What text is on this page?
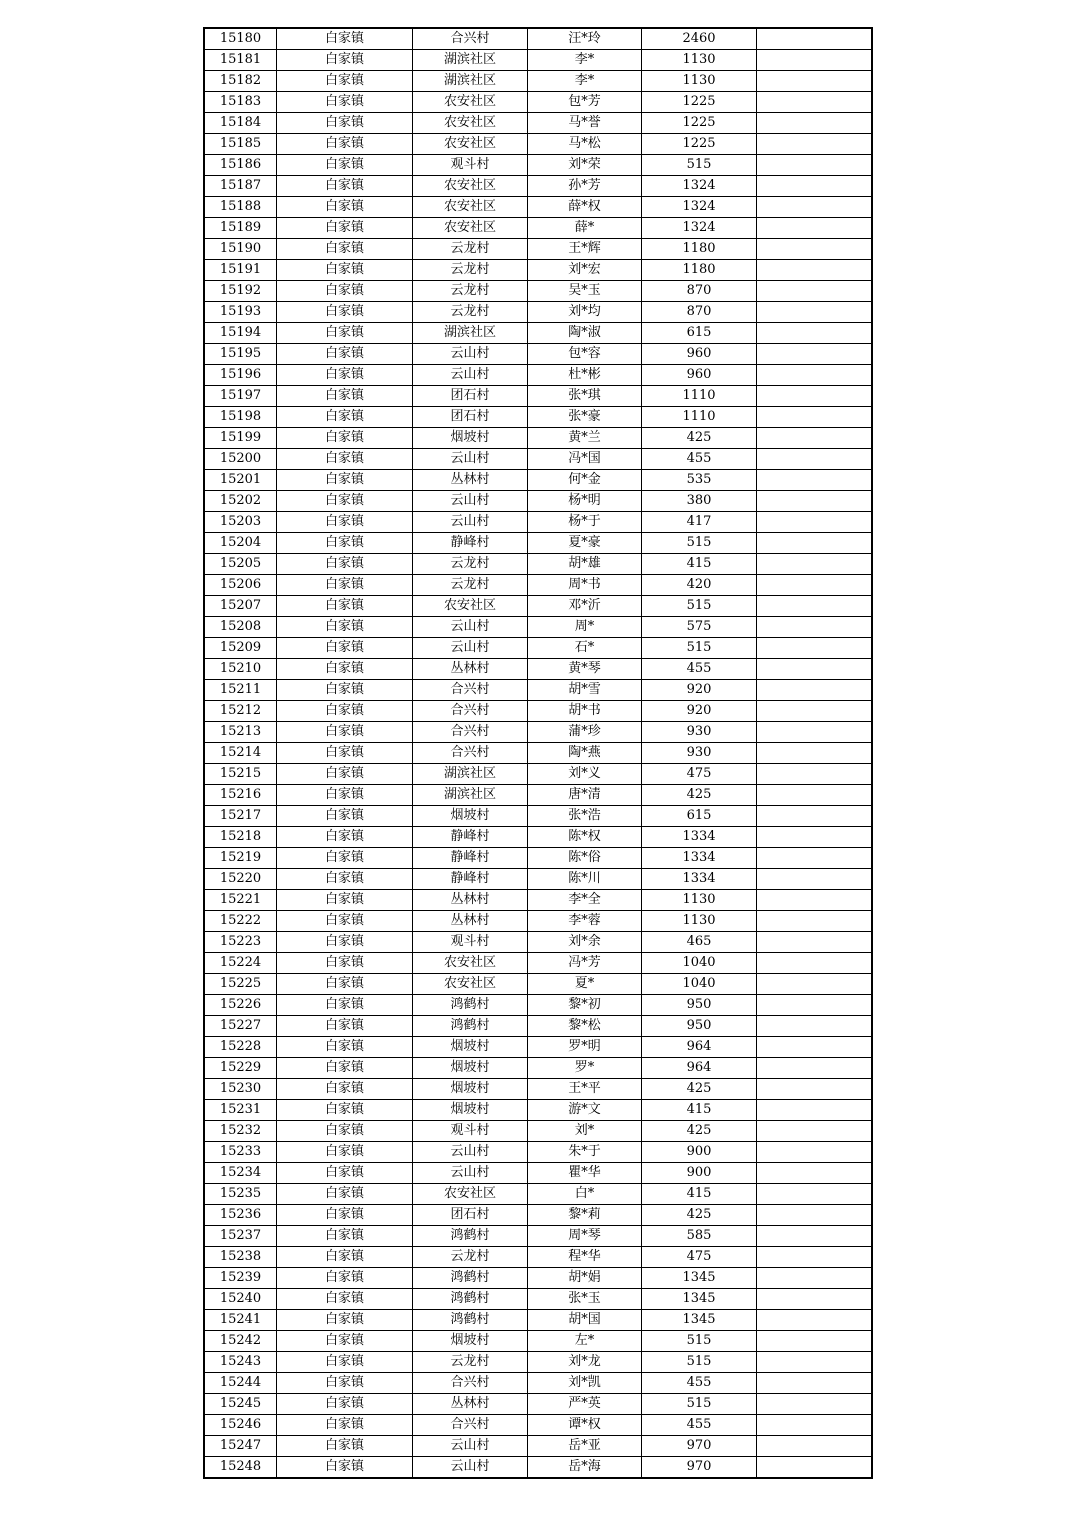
15180	白家镇	合兴村	汪*玲	2460	
15181	白家镇	湖滨社区	李*	1130	
15182	白家镇	湖滨社区	李*	1130	
15183	白家镇	农安社区	包*芳	1225	
15184	白家镇	农安社区	马*誉	1225	
15185	白家镇	农安社区	马*松	1225	
15186	白家镇	观斗村	刘*荣	515	
15187	白家镇	农安社区	孙*芳	1324	
15188	白家镇	农安社区	薛*权	1324	
15189	白家镇	农安社区	薛*	1324	
15190	白家镇	云龙村	王*辉	1180	
15191	白家镇	云龙村	刘*宏	1180	
15192	白家镇	云龙村	吴*玉	870	
15193	白家镇	云龙村	刘*均	870	
15194	白家镇	湖滨社区	陶*淑	615	
15195	白家镇	云山村	包*容	960	
15196	白家镇	云山村	杜*彬	960	
15197	白家镇	团石村	张*琪	1110	
15198	白家镇	团石村	张*豪	1110	
15199	白家镇	烟坡村	黄*兰	425	
15200	白家镇	云山村	冯*国	455	
15201	白家镇	丛林村	何*金	535	
15202	白家镇	云山村	杨*明	380	
15203	白家镇	云山村	杨*于	417	
15204	白家镇	静峰村	夏*豪	515	
15205	白家镇	云龙村	胡*雄	415	
15206	白家镇	云龙村	周*书	420	
15207	白家镇	农安社区	邓*沂	515	
15208	白家镇	云山村	周*	575	
15209	白家镇	云山村	石*	515	
15210	白家镇	丛林村	黄*琴	455	
15211	白家镇	合兴村	胡*雪	920	
15212	白家镇	合兴村	胡*书	920	
15213	白家镇	合兴村	蒲*珍	930	
15214	白家镇	合兴村	陶*燕	930	
15215	白家镇	湖滨社区	刘*义	475	
15216	白家镇	湖滨社区	唐*清	425	
15217	白家镇	烟坡村	张*浩	615	
15218	白家镇	静峰村	陈*权	1334	
15219	白家镇	静峰村	陈*俗	1334	
15220	白家镇	静峰村	陈*川	1334	
15221	白家镇	丛林村	李*全	1130	
15222	白家镇	丛林村	李*蓉	1130	
15223	白家镇	观斗村	刘*余	465	
15224	白家镇	农安社区	冯*芳	1040	
15225	白家镇	农安社区	夏*	1040	
15226	白家镇	鸿鹤村	黎*初	950	
15227	白家镇	鸿鹤村	黎*松	950	
15228	白家镇	烟坡村	罗*明	964	
15229	白家镇	烟坡村	罗*	964	
15230	白家镇	烟坡村	王*平	425	
15231	白家镇	烟坡村	游*文	415	
15232	白家镇	观斗村	刘*	425	
15233	白家镇	云山村	朱*于	900	
15234	白家镇	云山村	瞿*华	900	
15235	白家镇	农安社区	白*	415	
15236	白家镇	团石村	黎*莉	425	
15237	白家镇	鸿鹤村	周*琴	585	
15238	白家镇	云龙村	程*华	475	
15239	白家镇	鸿鹤村	胡*娟	1345	
15240	白家镇	鸿鹤村	张*玉	1345	
15241	白家镇	鸿鹤村	胡*国	1345	
15242	白家镇	烟坡村	左*	515	
15243	白家镇	云龙村	刘*龙	515	
15244	白家镇	合兴村	刘*凯	455	
15245	白家镇	丛林村	严*英	515	
15246	白家镇	合兴村	谭*权	455	
15247	白家镇	云山村	岳*亚	970	
15248	白家镇	云山村	岳*海	970	
